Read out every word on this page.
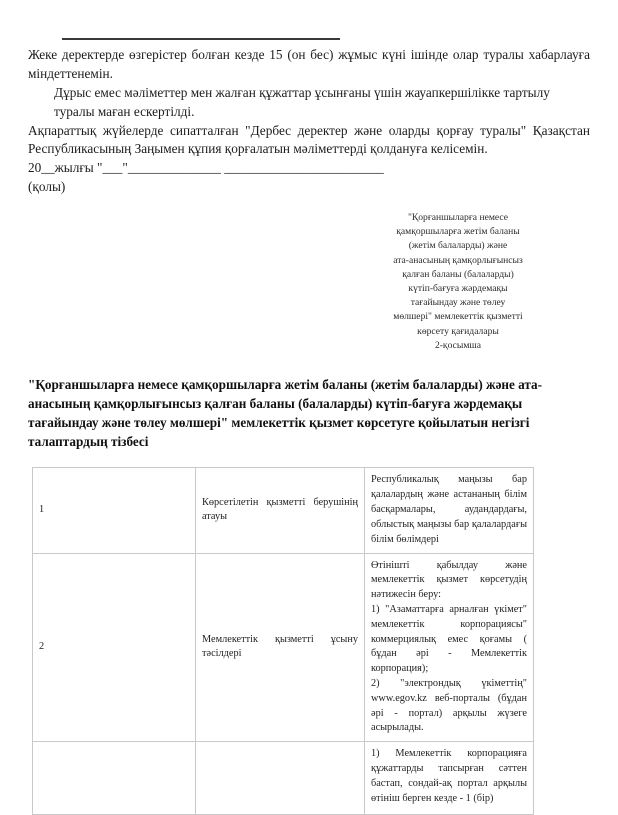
Жеке деректерде өзгерістер болған кезде 15 (он бес) жұмыс күні ішінде олар туралы хабарлауға міндеттенемін.

Дұрыс емес мәліметтер мен жалған құжаттар ұсынғаны үшін жауапкершілікке тартылу

туралы маған ескертілді.

Ақпараттық жүйелерде сипатталған "Дербес деректер және оларды қорғау туралы" Қазақстан Республикасының Заңымен құпия қорғалатын мәліметтерді қолдануға келісемін.

20__жылғы "___"______________ ________________________

(қолы)

"Қорғаншыларға немесе
қамқоршыларға жетім баланы
(жетім балаларды) және
ата-анасының қамқорлығынсыз
қалған баланы (балаларды)
күтіп-бағуға жәрдемақы
тағайындау және төлеу
мөлшері" мемлекеттік қызметті
көрсету қағидалары
2-қосымша
"Қорғаншыларға немесе қамқоршыларға жетім баланы (жетім балаларды) және ата-анасының қамқорлығынсыз қалған баланы (балаларды) күтіп-бағуға жәрдемақы тағайындау және төлеу мөлшері" мемлекеттік қызмет көрсетуге қойылатын негізгі талаптардың тізбесі
1	Көрсетілетін қызметті берушінің атауы	Республикалық маңызы бар қалалардың және астананың білім басқармалары, аудандардағы, облыстық маңызы бар қалалардағы білім бөлімдері

2	Мемлекеттік қызметті ұсыну тәсілдері	Өтінішті қабылдау және мемлекеттік қызмет көрсетудің нәтижесін беру:

1) "Азаматтарға арналған үкімет" мемлекеттік корпорациясы" коммерциялық емес қоғамы ( бұдан әрі - Мемлекеттік корпорация);

2) "электрондық үкіметтің" www.egov.kz веб-порталы (бұдан әрі - портал) арқылы жүзеге асырылады.

		1) Мемлекеттік корпорацияға құжаттарды тапсырған сәттен бастап, сондай-ақ портал арқылы өтініш берген кезде - 1 (бір)
